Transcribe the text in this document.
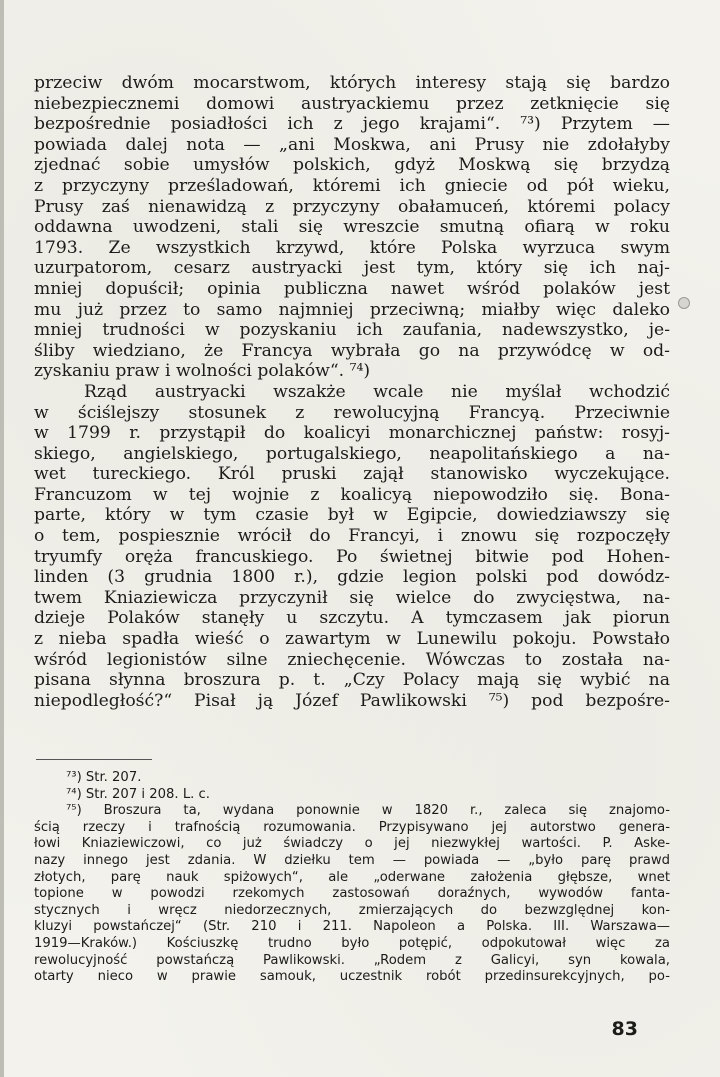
przeciw dwóm mocarstwom, których interesy stają się bardzo
niebezpiecznemi domowi austryackiemu przez zetknięcie się
bezpośrednie posiadłości ich z jego krajami“. ⁷³) Przytem —
powiada dalej nota — „ani Moskwa, ani Prusy nie zdołałyby
zjednać sobie umysłów polskich, gdyż Moskwą się brzydzą
z przyczyny prześladowań, któremi ich gniecie od pół wieku,
Prusy zaś nienawidzą z przyczyny obałamuceń, któremi polacy
oddawna uwodzeni, stali się wreszcie smutną ofiarą w roku
1793. Ze wszystkich krzywd, które Polska wyrzuca swym
uzurpatorom, cesarz austryacki jest tym, który się ich naj-
mniej dopuścił; opinia publiczna nawet wśród polaków jest
mu już przez to samo najmniej przeciwną; miałby więc daleko
mniej trudności w pozyskaniu ich zaufania, nadewszystko, je-
śliby wiedziano, że Francya wybrała go na przywódcę w od-
zyskaniu praw i wolności polaków“. ⁷⁴)
Rząd austryacki wszakże wcale nie myślał wchodzić
w ściślejszy stosunek z rewolucyjną Francyą. Przeciwnie
w 1799 r. przystąpił do koalicyi monarchicznej państw: rosyj-
skiego, angielskiego, portugalskiego, neapolitańskiego a na-
wet tureckiego. Król pruski zajął stanowisko wyczekujące.
Francuzom w tej wojnie z koalicyą niepowodziło się. Bona-
parte, który w tym czasie był w Egipcie, dowiedziawszy się
o tem, pospiesznie wrócił do Francyi, i znowu się rozpoczęły
tryumfy oręża francuskiego. Po świetnej bitwie pod Hohen-
linden (3 grudnia 1800 r.), gdzie legion polski pod dowódz-
twem Kniaziewicza przyczynił się wielce do zwycięstwa, na-
dzieje Polaków stanęły u szczytu. A tymczasem jak piorun
z nieba spadła wieść o zawartym w Lunewilu pokoju. Powstało
wśród legionistów silne zniechęcenie. Wówczas to została na-
pisana słynna broszura p. t. „Czy Polacy mają się wybić na
niepodległość?“ Pisał ją Józef Pawlikowski ⁷⁵) pod bezpośre-
⁷³) Str. 207.
⁷⁴) Str. 207 i 208. L. c.
⁷⁵) Broszura ta, wydana ponownie w 1820 r., zaleca się znajomo-
ścią rzeczy i trafnością rozumowania. Przypisywano jej autorstwo genera-
łowi Kniaziewiczowi, co już świadczy o jej niezwykłej wartości. P. Aske-
nazy innego jest zdania. W dziełku tem — powiada — „było parę prawd
złotych, parę nauk spiżowych“, ale „oderwane założenia głębsze, wnet
topione w powodzi rzekomych zastosowań doraźnych, wywodów fanta-
stycznych i wręcz niedorzecznych, zmierzających do bezwzględnej kon-
kluzyi powstańczej“ (Str. 210 i 211. Napoleon a Polska. III. Warszawa—
1919—Kraków.) Kościuszkę trudno było potępić, odpokutował więc za
rewolucyjność powstańczą Pawlikowski. „Rodem z Galicyi, syn kowala,
otarty nieco w prawie samouk, uczestnik robót przedinsurekcyjnych, po-
83
